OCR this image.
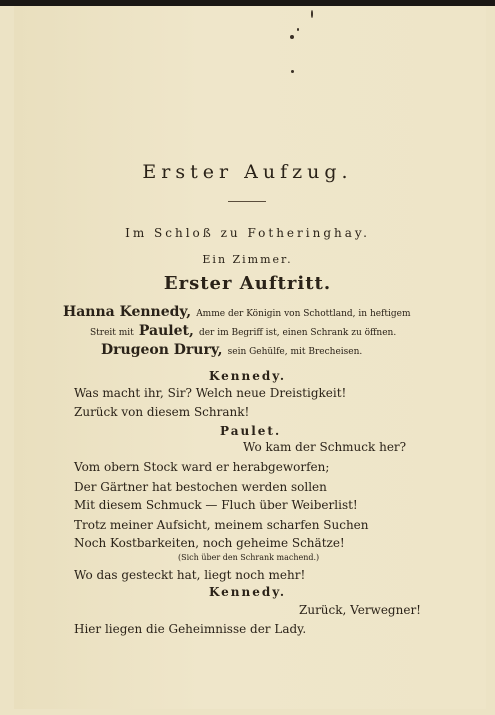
Erster Aufzug.
Im Schloß zu Fotheringhay.
Ein Zimmer.
Erster Auftritt.
Hanna Kennedy, Amme der Königin von Schottland, in heftigem
Streit mit Paulet, der im Begriff ist, einen Schrank zu öffnen.
Drugeon Drury, sein Gehülfe, mit Brecheisen.
Kennedy.
Was macht ihr, Sir? Welch neue Dreistigkeit!
Zurück von diesem Schrank!
Paulet.
Wo kam der Schmuck her?
Vom obern Stock ward er herabgeworfen;
Der Gärtner hat bestochen werden sollen
Mit diesem Schmuck — Fluch über Weiberlist!
Trotz meiner Aufsicht, meinem scharfen Suchen
Noch Kostbarkeiten, noch geheime Schätze!
(Sich über den Schrank machend.)
Wo das gesteckt hat, liegt noch mehr!
Kennedy.
Zurück, Verwegner!
Hier liegen die Geheimnisse der Lady.
